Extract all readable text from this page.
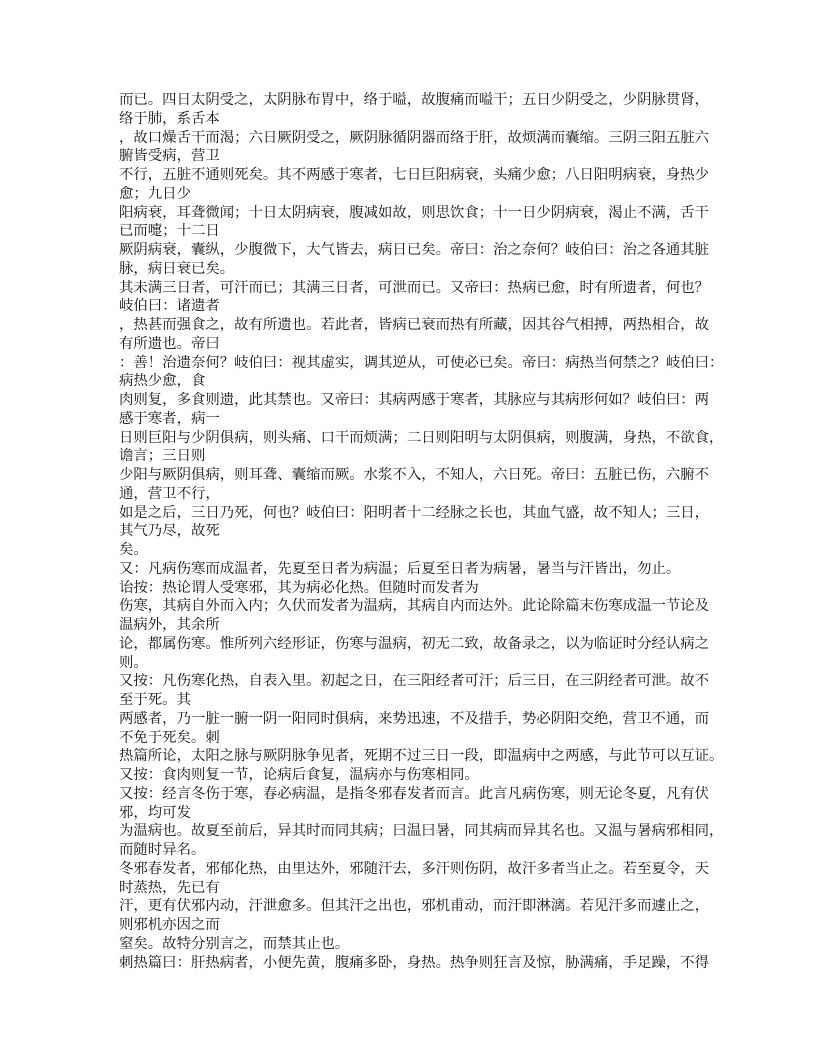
而已。四日太阴受之，太阴脉布胃中，络于嗌，故腹痛而嗌干；五日少阴受之，少阴脉贯肾，
络于肺，系舌本
，故口燥舌干而渴；六日厥阴受之，厥阴脉循阴器而络于肝，故烦满而囊缩。三阴三阳五脏六
腑皆受病，营卫
不行，五脏不通则死矣。其不两感于寒者，七日巨阳病衰，头痛少愈；八日阳明病衰，身热少
愈；九日少
阳病衰，耳聋微闻；十日太阴病衰，腹减如故，则思饮食；十一日少阴病衰，渴止不满，舌干
已而嚏；十二日
厥阴病衰，囊纵，少腹微下，大气皆去，病日已矣。帝曰：治之奈何？岐伯曰：治之各通其脏
脉，病日衰已矣。
其未满三日者，可汗而已；其满三日者，可泄而已。又帝曰：热病已愈，时有所遗者，何也？
岐伯曰：诸遗者
，热甚而强食之，故有所遗也。若此者，皆病已衰而热有所藏，因其谷气相搏，两热相合，故
有所遗也。帝曰
：善！治遗奈何？岐伯曰：视其虚实，调其逆从，可使必已矣。帝曰：病热当何禁之？岐伯曰：
病热少愈，食
肉则复，多食则遗，此其禁也。又帝曰：其病两感于寒者，其脉应与其病形何如？岐伯曰：两
感于寒者，病一
日则巨阳与少阴俱病，则头痛、口干而烦满；二日则阳明与太阴俱病，则腹满，身热，不欲食，
谵言；三日则
少阳与厥阴俱病，则耳聋、囊缩而厥。水浆不入，不知人，六日死。帝曰：五脏已伤，六腑不
通，营卫不行，
如是之后，三日乃死，何也？岐伯曰：阳明者十二经脉之长也，其血气盛，故不知人；三日，
其气乃尽，故死
矣。
又：凡病伤寒而成温者，先夏至日者为病温；后夏至日者为病暑，暑当与汗皆出，勿止。
诒按：热论谓人受寒邪，其为病必化热。但随时而发者为
伤寒，其病自外而入内；久伏而发者为温病，其病自内而达外。此论除篇末伤寒成温一节论及
温病外，其余所
论，都属伤寒。惟所列六经形证，伤寒与温病，初无二致，故备录之，以为临证时分经认病之
则。
又按：凡伤寒化热，自表入里。初起之日，在三阳经者可汗；后三日，在三阴经者可泄。故不
至于死。其
两感者，乃一脏一腑一阴一阳同时俱病，来势迅速，不及措手，势必阴阳交绝，营卫不通，而
不免于死矣。刺
热篇所论，太阳之脉与厥阴脉争见者，死期不过三日一段，即温病中之两感，与此节可以互证。
又按：食肉则复一节，论病后食复，温病亦与伤寒相同。
又按：经言冬伤于寒，春必病温，是指冬邪春发者而言。此言凡病伤寒，则无论冬夏，凡有伏
邪，均可发
为温病也。故夏至前后，异其时而同其病；曰温曰暑，同其病而异其名也。又温与暑病邪相同，
而随时异名。
冬邪春发者，邪郁化热，由里达外，邪随汗去，多汗则伤阴，故汗多者当止之。若至夏令，天
时蒸热，先已有
汗，更有伏邪内动，汗泄愈多。但其汗之出也，邪机甫动，而汗即淋漓。若见汗多而遽止之，
则邪机亦因之而
窒矣。故特分别言之，而禁其止也。
刺热篇曰：肝热病者，小便先黄，腹痛多卧，身热。热争则狂言及惊，胁满痛，手足躁，不得
